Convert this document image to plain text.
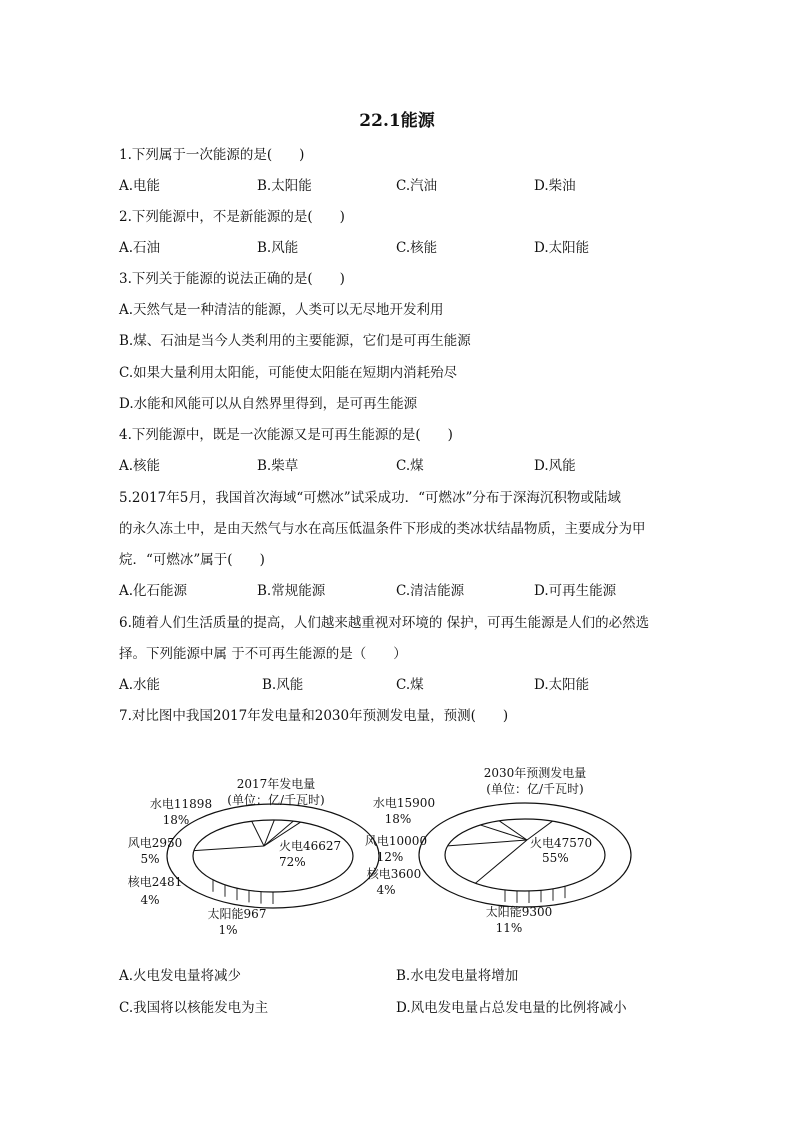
22.1能源
1.下列属于一次能源的是(　　)
A.电能	B.太阳能	C.汽油	D.柴油
2.下列能源中，不是新能源的是(　　)
A.石油	B.风能	C.核能	D.太阳能
3.下列关于能源的说法正确的是(　　)
A.天然气是一种清洁的能源，人类可以无尽地开发利用
B.煤、石油是当今人类利用的主要能源，它们是可再生能源
C.如果大量利用太阳能，可能使太阳能在短期内消耗殆尽
D.水能和风能可以从自然界里得到，是可再生能源
4.下列能源中，既是一次能源又是可再生能源的是(　　)
A.核能	B.柴草	C.煤	D.风能
5.2017年5月，我国首次海域“可燃冰”试采成功．“可燃冰”分布于深海沉积物或陆域
的永久冻土中，是由天然气与水在高压低温条件下形成的类冰状结晶物质，主要成分为甲
烷．“可燃冰”属于(　　)
A.化石能源	B.常规能源	C.清洁能源	D.可再生能源
6.随着人们生活质量的提高，人们越来越重视对环境的 保护，可再生能源是人们的必然选
择。下列能源中属 于不可再生能源的是（　　）
A.水能	B.风能	C.煤	D.太阳能
7.对比图中我国2017年发电量和2030年预测发电量，预测(　　)
2017年发电量
(单位：亿/千瓦时)
火电46627
72%
水电11898
18%
风电2950
5%
核电2481
4%
太阳能967
1%
2030年预测发电量
(单位：亿/千瓦时)
火电47570
55%
水电15900
18%
风电10000
12%
核电3600
4%
太阳能9300
11%
A.火电发电量将减少	B.水电发电量将增加
C.我国将以核能发电为主	D.风电发电量占总发电量的比例将减小
